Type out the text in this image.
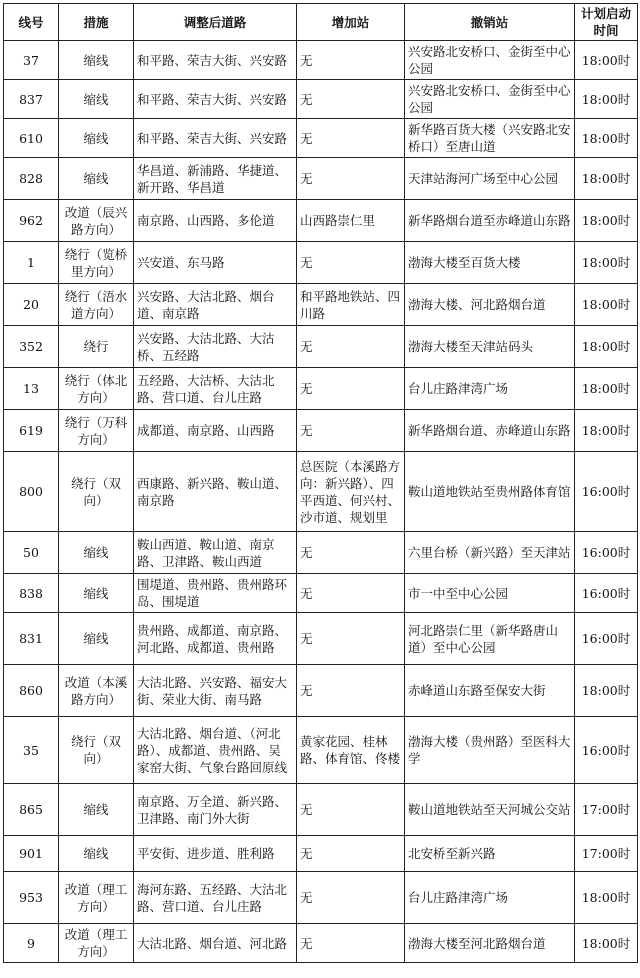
线号	措施	调整后道路	增加站	撤销站	计划启动时间
37	缩线	和平路、荣吉大街、兴安路	无	兴安路北安桥口、金街至中心公园	18:00时
837	缩线	和平路、荣吉大街、兴安路	无	兴安路北安桥口、金街至中心公园	18:00时
610	缩线	和平路、荣吉大街、兴安路	无	新华路百货大楼（兴安路北安桥口）至唐山道	18:00时
828	缩线	华昌道、新浦路、华捷道、新开路、华昌道	无	天津站海河广场至中心公园	18:00时
962	改道（辰兴路方向）	南京路、山西路、多伦道	山西路崇仁里	新华路烟台道至赤峰道山东路	18:00时
1	绕行（览桥里方向）	兴安道、东马路	无	渤海大楼至百货大楼	18:00时
20	绕行（浯水道方向）	兴安路、大沽北路、烟台道、南京路	和平路地铁站、四川路	渤海大楼、河北路烟台道	18:00时
352	绕行	兴安路、大沽北路、大沽桥、五经路	无	渤海大楼至天津站码头	18:00时
13	绕行（体北方向）	五经路、大沽桥、大沽北路、营口道、台儿庄路	无	台儿庄路津湾广场	18:00时
619	绕行（万科方向）	成都道、南京路、山西路	无	新华路烟台道、赤峰道山东路	18:00时
800	绕行（双向）	西康路、新兴路、鞍山道、南京路	总医院（本溪路方向：新兴路）、四平西道、何兴村、沙市道、规划里	鞍山道地铁站至贵州路体育馆	16:00时
50	缩线	鞍山西道、鞍山道、南京路、卫津路、鞍山西道	无	六里台桥（新兴路）至天津站	16:00时
838	缩线	围堤道、贵州路、贵州路环岛、围堤道	无	市一中至中心公园	16:00时
831	缩线	贵州路、成都道、南京路、河北路、成都道、贵州路	无	河北路崇仁里（新华路唐山道）至中心公园	16:00时
860	改道（本溪路方向）	大沽北路、兴安路、福安大街、荣业大街、南马路	无	赤峰道山东路至保安大街	18:00时
35	绕行（双向）	大沽北路、烟台道、（河北路）、成都道、贵州路、吴家窑大街、气象台路回原线	黄家花园、桂林路、体育馆、佟楼	渤海大楼（贵州路）至医科大学	16:00时
865	缩线	南京路、万全道、新兴路、卫津路、南门外大街	无	鞍山道地铁站至天河城公交站	17:00时
901	缩线	平安街、进步道、胜利路	无	北安桥至新兴路	17:00时
953	改道（理工方向）	海河东路、五经路、大沽北路、营口道、台儿庄路	无	台儿庄路津湾广场	18:00时
9	改道（理工方向）	大沽北路、烟台道、河北路	无	渤海大楼至河北路烟台道	18:00时
